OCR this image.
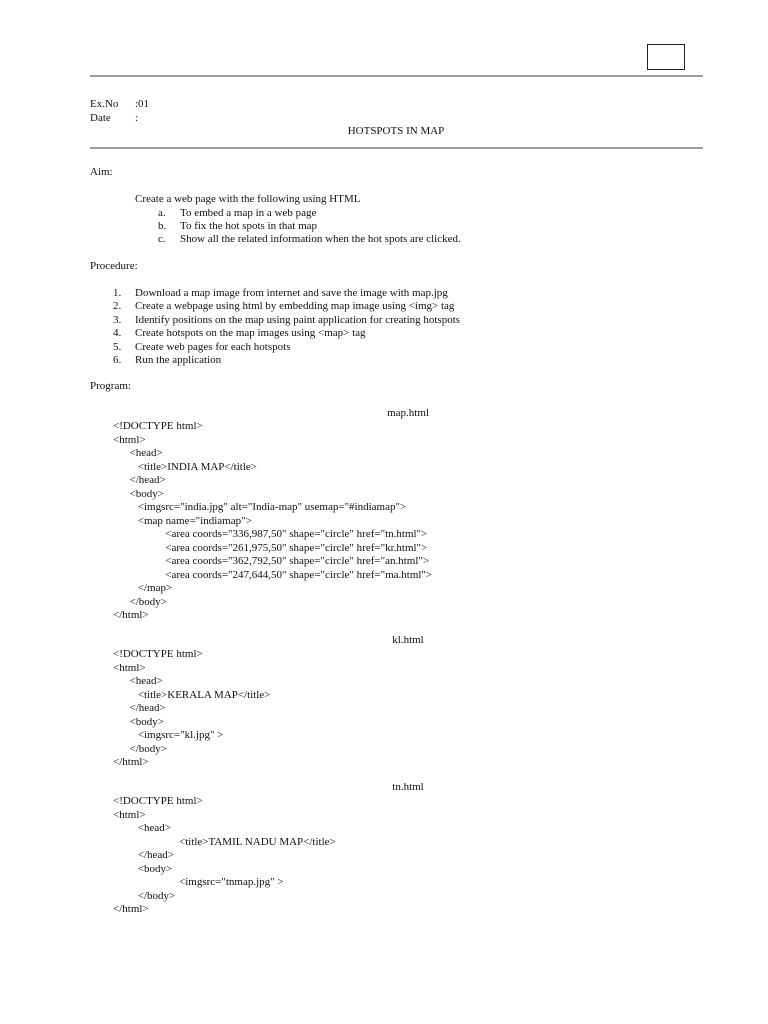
Ex.No :01
Date :
HOTSPOTS IN MAP
Aim:
Create a web page with the following using HTML
a. To embed a map in a web page
b. To fix the hot spots in that map
c. Show all the related information when the hot spots are clicked.
Procedure:
1. Download a map image from internet and save the image with map.jpg
2. Create a webpage using html by embedding map image using <img> tag
3. Identify positions on the map using paint application for creating hotspots
4. Create hotspots on the map images using <map> tag
5. Create web pages for each hotspots
6. Run the application
Program:
map.html
<!DOCTYPE html>
<html>
<head>
<title>INDIA MAP</title>
</head>
<body>
<imgsrc="india.jpg" alt="India-map" usemap="#indiamap">
<map name="indiamap">
<area coords="336,987,50" shape="circle" href="tn.html">
<area coords="261,975,50" shape="circle" href="kr.html">
<area coords="362,792,50" shape="circle" href="an.html">
<area coords="247,644,50" shape="circle" href="ma.html">
</map>
</body>
</html>
kl.html
<!DOCTYPE html>
<html>
<head>
<title>KERALA MAP</title>
</head>
<body>
<imgsrc="kl.jpg" >
</body>
</html>
tn.html
<!DOCTYPE html>
<html>
<head>
<title>TAMIL NADU MAP</title>
</head>
<body>
<imgsrc="tnmap.jpg" >
</body>
</html>
